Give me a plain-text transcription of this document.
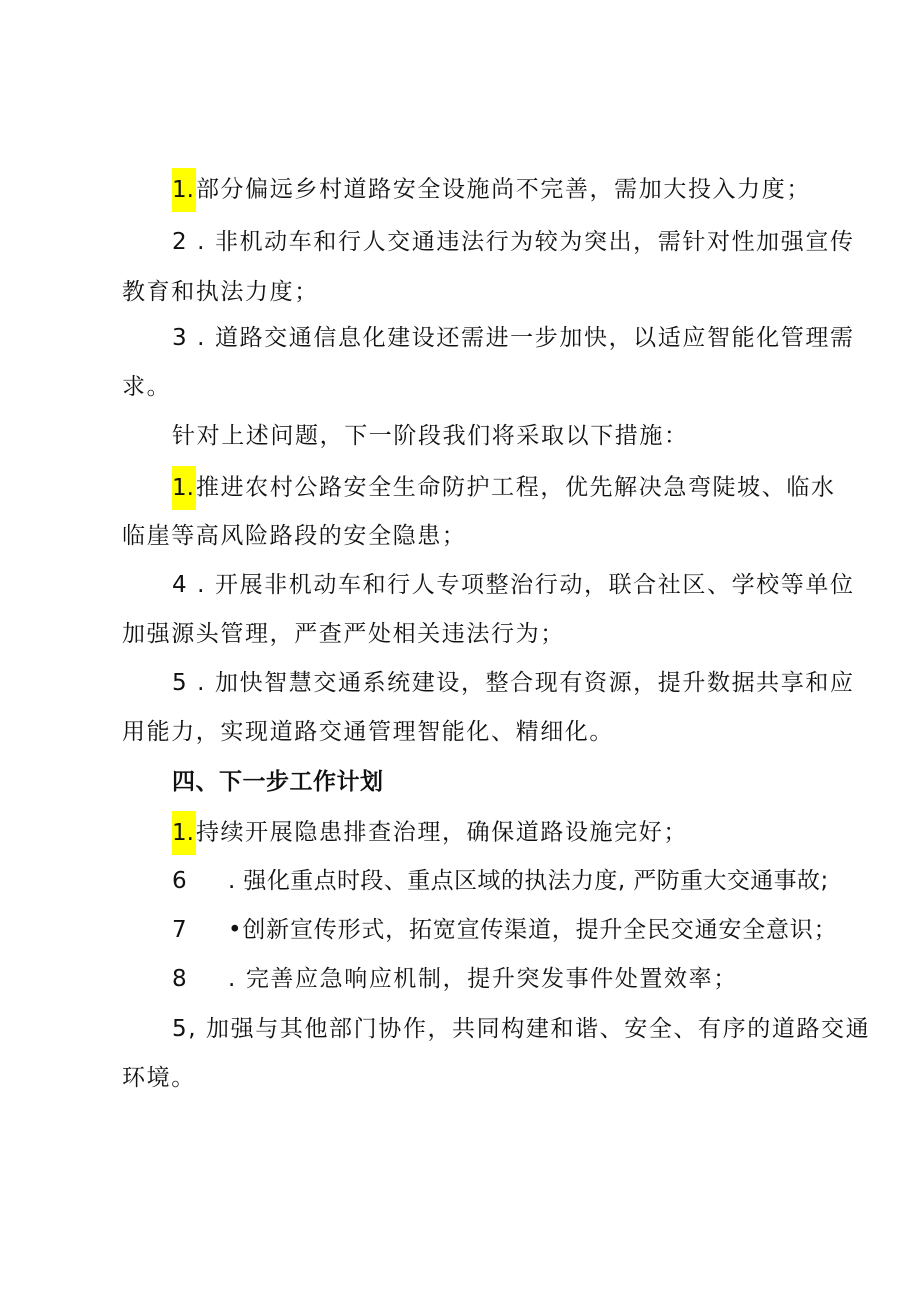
1.部分偏远乡村道路安全设施尚不完善，需加大投入力度；
2 . 非机动车和行人交通违法行为较为突出，需针对性加强宣传
教育和执法力度；
3 . 道路交通信息化建设还需进一步加快，以适应智能化管理需
求。
针对上述问题，下一阶段我们将采取以下措施：
1.推进农村公路安全生命防护工程，优先解决急弯陡坡、临水
临崖等高风险路段的安全隐患；
4 . 开展非机动车和行人专项整治行动，联合社区、学校等单位
加强源头管理，严查严处相关违法行为；
5 . 加快智慧交通系统建设，整合现有资源，提升数据共享和应
用能力，实现道路交通管理智能化、精细化。
四、下一步工作计划
1.持续开展隐患排查治理，确保道路设施完好；
6 . 强化重点时段、重点区域的执法力度, 严防重大交通事故;
7 •创新宣传形式，拓宽宣传渠道，提升全民交通安全意识；
8 . 完善应急响应机制，提升突发事件处置效率；
5, 加强与其他部门协作，共同构建和谐、安全、有序的道路交通
环境。
